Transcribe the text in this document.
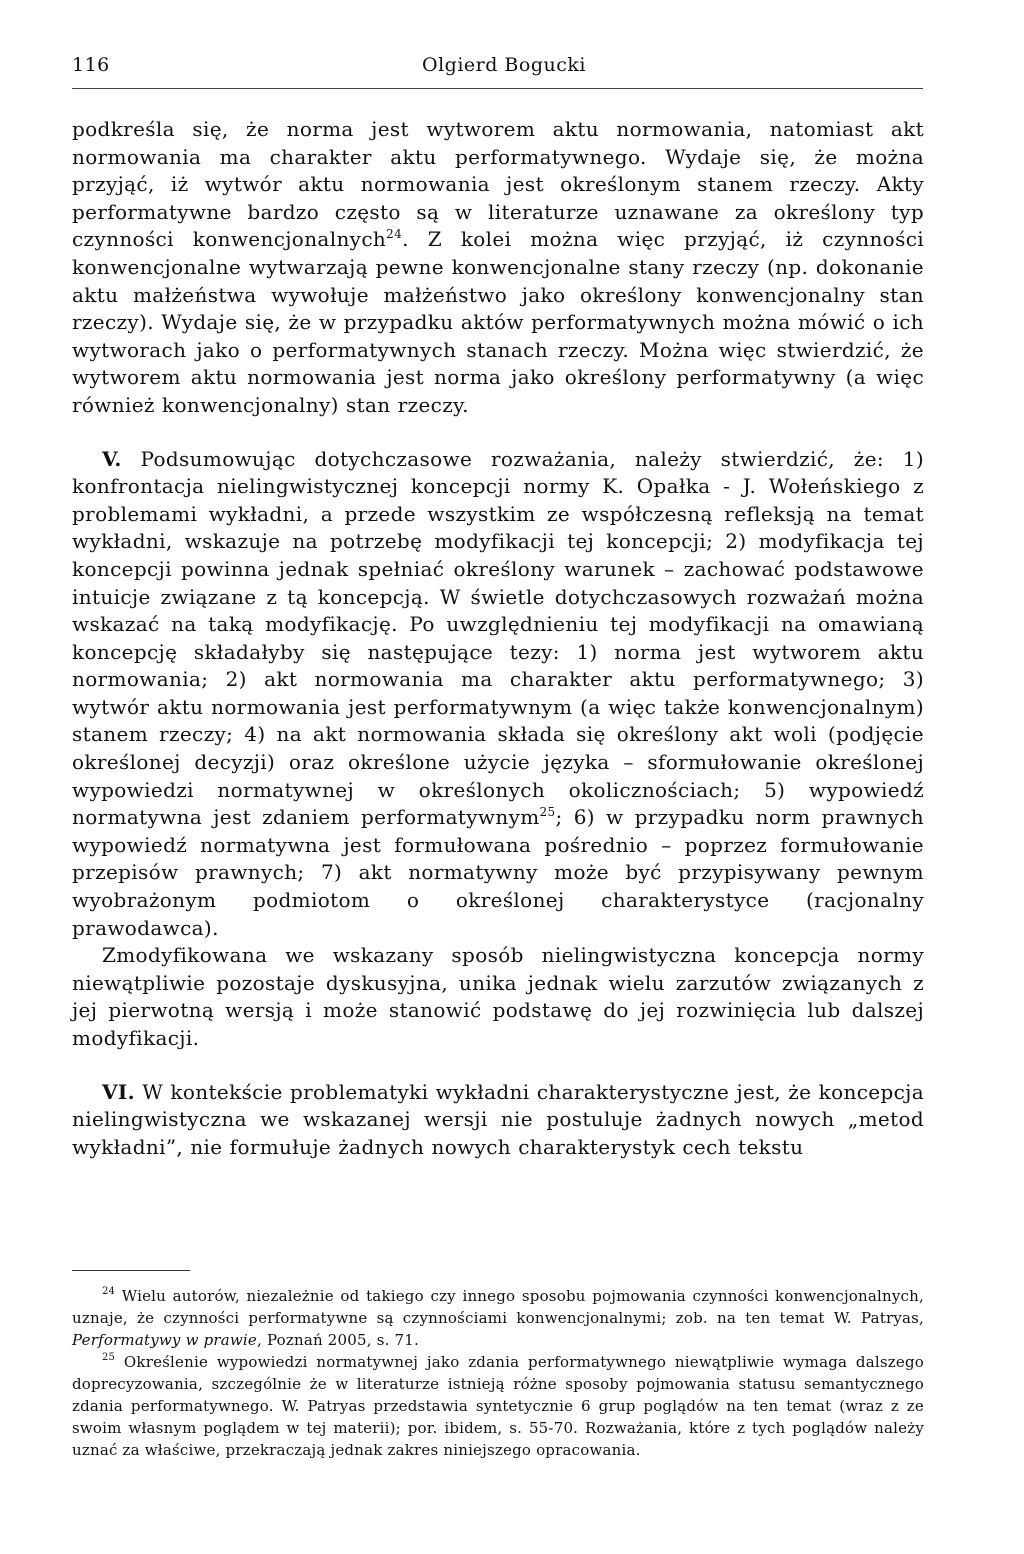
116	Olgierd Bogucki

podkreśla się, że norma jest wytworem aktu normowania, natomiast akt normowania ma charakter aktu performatywnego. Wydaje się, że można przyjąć, iż wytwór aktu normowania jest określonym stanem rzeczy. Akty performatywne bardzo często są w literaturze uznawane za określony typ czynności konwencjonalnych$^{24}$. Z kolei można więc przyjąć, iż czynności konwencjonalne wytwarzają pewne konwencjonalne stany rzeczy (np. dokonanie aktu małżeństwa wywołuje małżeństwo jako określony konwencjonalny stan rzeczy). Wydaje się, że w przypadku aktów performatywnych można mówić o ich wytworach jako o performatywnych stanach rzeczy. Można więc stwierdzić, że wytworem aktu normowania jest norma jako określony performatywny (a więc również konwencjonalny) stan rzeczy.

V. Podsumowując dotychczasowe rozważania, należy stwierdzić, że: 1) konfrontacja nielingwistycznej koncepcji normy K. Opałka - J. Wołeńskiego z problemami wykładni, a przede wszystkim ze współczesną refleksją na temat wykładni, wskazuje na potrzebę modyfikacji tej koncepcji; 2) modyfikacja tej koncepcji powinna jednak spełniać określony warunek – zachować podstawowe intuicje związane z tą koncepcją. W świetle dotychczasowych rozważań można wskazać na taką modyfikację. Po uwzględnieniu tej modyfikacji na omawianą koncepcję składałyby się następujące tezy: 1) norma jest wytworem aktu normowania; 2) akt normowania ma charakter aktu performatywnego; 3) wytwór aktu normowania jest performatywnym (a więc także konwencjonalnym) stanem rzeczy; 4) na akt normowania składa się określony akt woli (podjęcie określonej decyzji) oraz określone użycie języka – sformułowanie określonej wypowiedzi normatywnej w określonych okolicznościach; 5) wypowiedź normatywna jest zdaniem performatywnym$^{25}$; 6) w przypadku norm prawnych wypowiedź normatywna jest formułowana pośrednio – poprzez formułowanie przepisów prawnych; 7) akt normatywny może być przypisywany pewnym wyobrażonym podmiotom o określonej charakterystyce (racjonalny prawodawca).

Zmodyfikowana we wskazany sposób nielingwistyczna koncepcja normy niewątpliwie pozostaje dyskusyjna, unika jednak wielu zarzutów związanych z jej pierwotną wersją i może stanowić podstawę do jej rozwinięcia lub dalszej modyfikacji.

VI. W kontekście problematyki wykładni charakterystyczne jest, że koncepcja nielingwistyczna we wskazanej wersji nie postuluje żadnych nowych „metod wykładni”, nie formułuje żadnych nowych charakterystyk cech tekstu

$^{24}$ Wielu autorów, niezależnie od takiego czy innego sposobu pojmowania czynności konwencjonalnych, uznaje, że czynności performatywne są czynnościami konwencjonalnymi; zob. na ten temat W. Patryas, Performatywy w prawie, Poznań 2005, s. 71.

$^{25}$ Określenie wypowiedzi normatywnej jako zdania performatywnego niewątpliwie wymaga dalszego doprecyzowania, szczególnie że w literaturze istnieją różne sposoby pojmowania statusu semantycznego zdania performatywnego. W. Patryas przedstawia syntetycznie 6 grup poglądów na ten temat (wraz z ze swoim własnym poglądem w tej materii); por. ibidem, s. 55-70. Rozważania, które z tych poglądów należy uznać za właściwe, przekraczają jednak zakres niniejszego opracowania.
